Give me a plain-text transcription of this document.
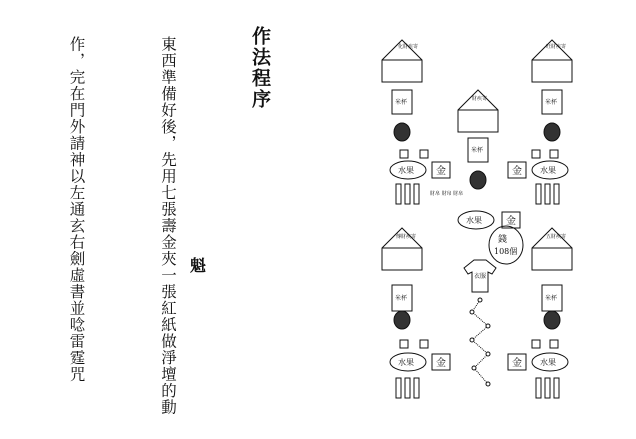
作法程序

東西準備好後，先用七張壽金夾一張紅紙做淨壇的動

作，完在門外請神以左通玄右劍虛書並唸雷霆咒

化財疾寄	旺財疾寄
財疾寄
傳財疾寄	五財疾寄
米杯	米杯
米杯
米杯	米杯
水果	水果
水果
水果	水果
金	金
金
金	金
錢
108個
衣服
財帛 財帛 財帛
魁
